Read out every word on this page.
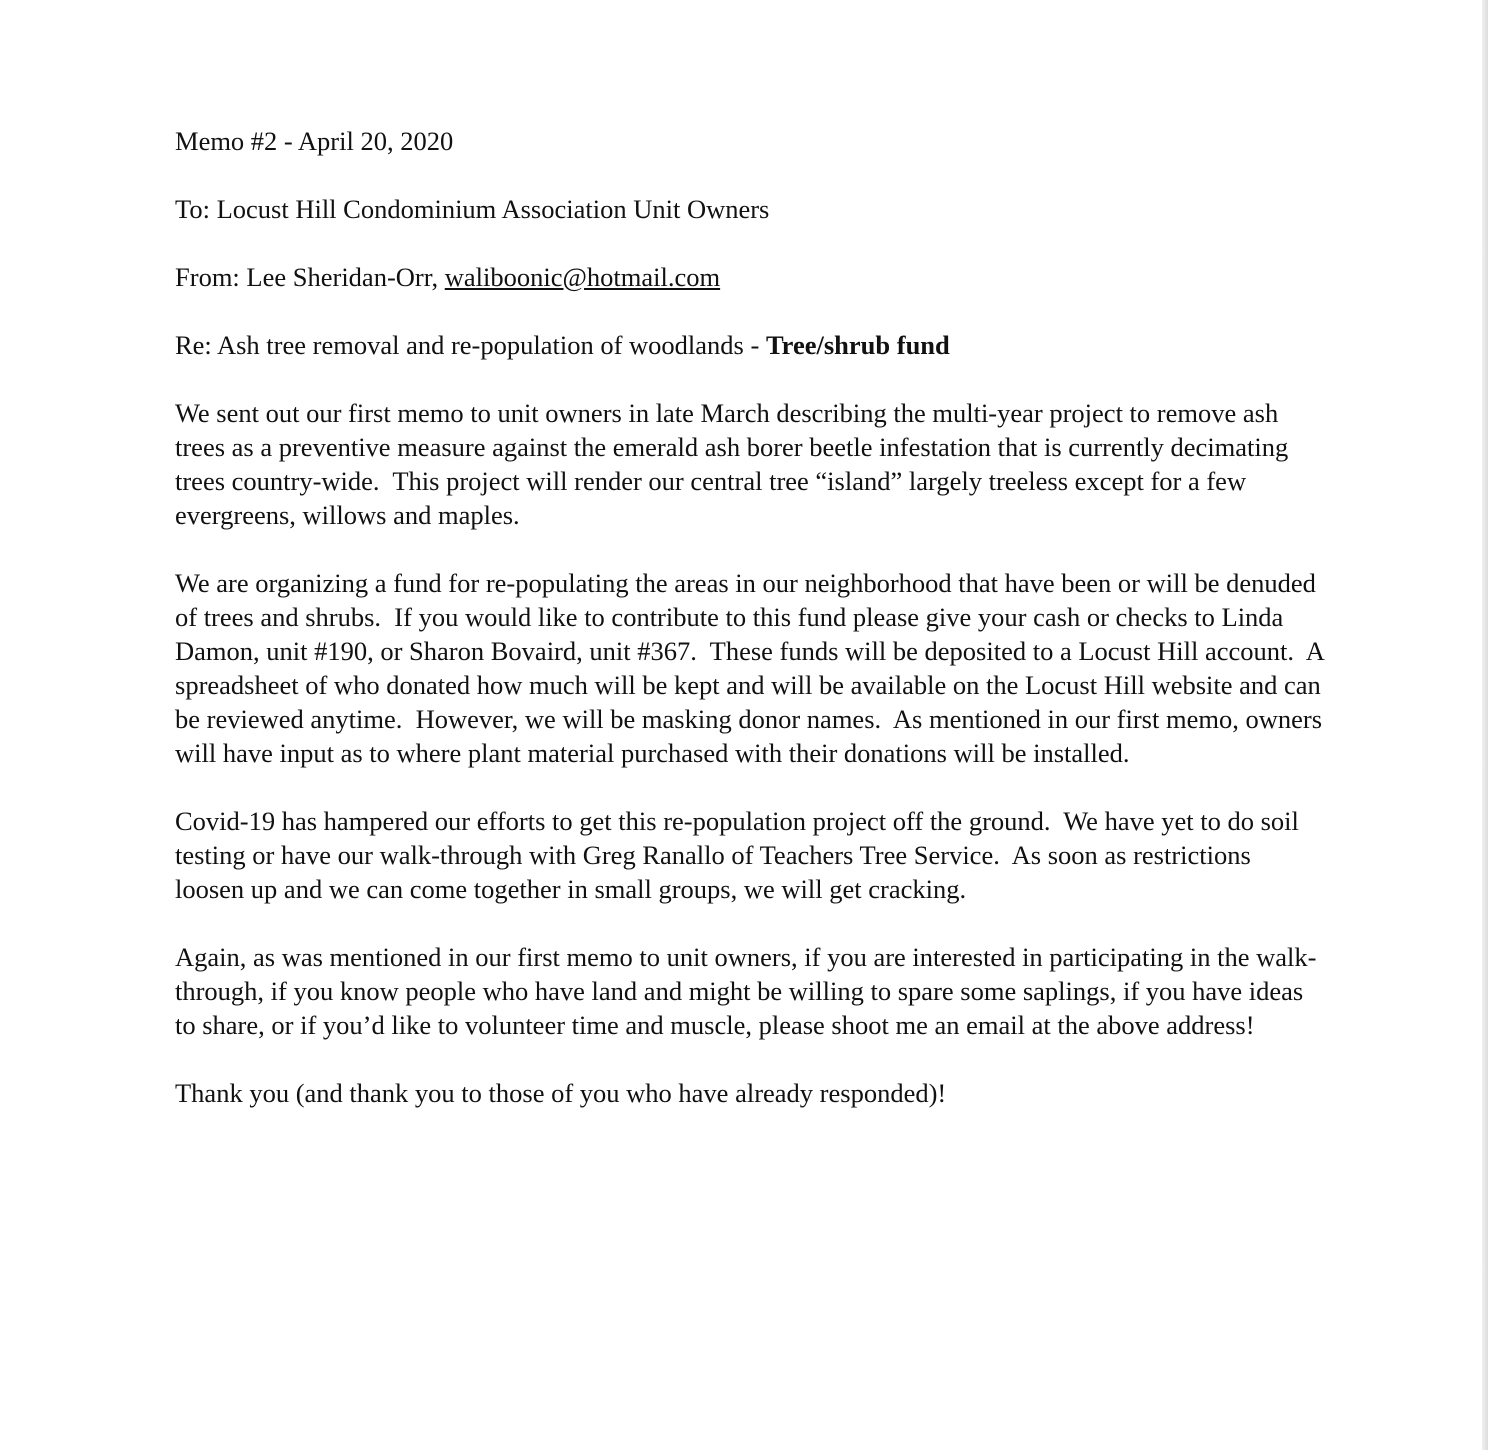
Memo #2 - April 20, 2020

To: Locust Hill Condominium Association Unit Owners

From: Lee Sheridan-Orr, waliboonic@hotmail.com

Re: Ash tree removal and re-population of woodlands - Tree/shrub fund

We sent out our first memo to unit owners in late March describing the multi-year project to remove ash trees as a preventive measure against the emerald ash borer beetle infestation that is currently decimating trees country-wide.  This project will render our central tree “island” largely treeless except for a few evergreens, willows and maples.

We are organizing a fund for re-populating the areas in our neighborhood that have been or will be denuded of trees and shrubs.  If you would like to contribute to this fund please give your cash or checks to Linda Damon, unit #190, or Sharon Bovaird, unit #367.  These funds will be deposited to a Locust Hill account.  A spreadsheet of who donated how much will be kept and will be available on the Locust Hill website and can be reviewed anytime.  However, we will be masking donor names.  As mentioned in our first memo, owners will have input as to where plant material purchased with their donations will be installed.

Covid-19 has hampered our efforts to get this re-population project off the ground.  We have yet to do soil testing or have our walk-through with Greg Ranallo of Teachers Tree Service.  As soon as restrictions loosen up and we can come together in small groups, we will get cracking.

Again, as was mentioned in our first memo to unit owners, if you are interested in participating in the walk-through, if you know people who have land and might be willing to spare some saplings, if you have ideas to share, or if you’d like to volunteer time and muscle, please shoot me an email at the above address!

Thank you (and thank you to those of you who have already responded)!
